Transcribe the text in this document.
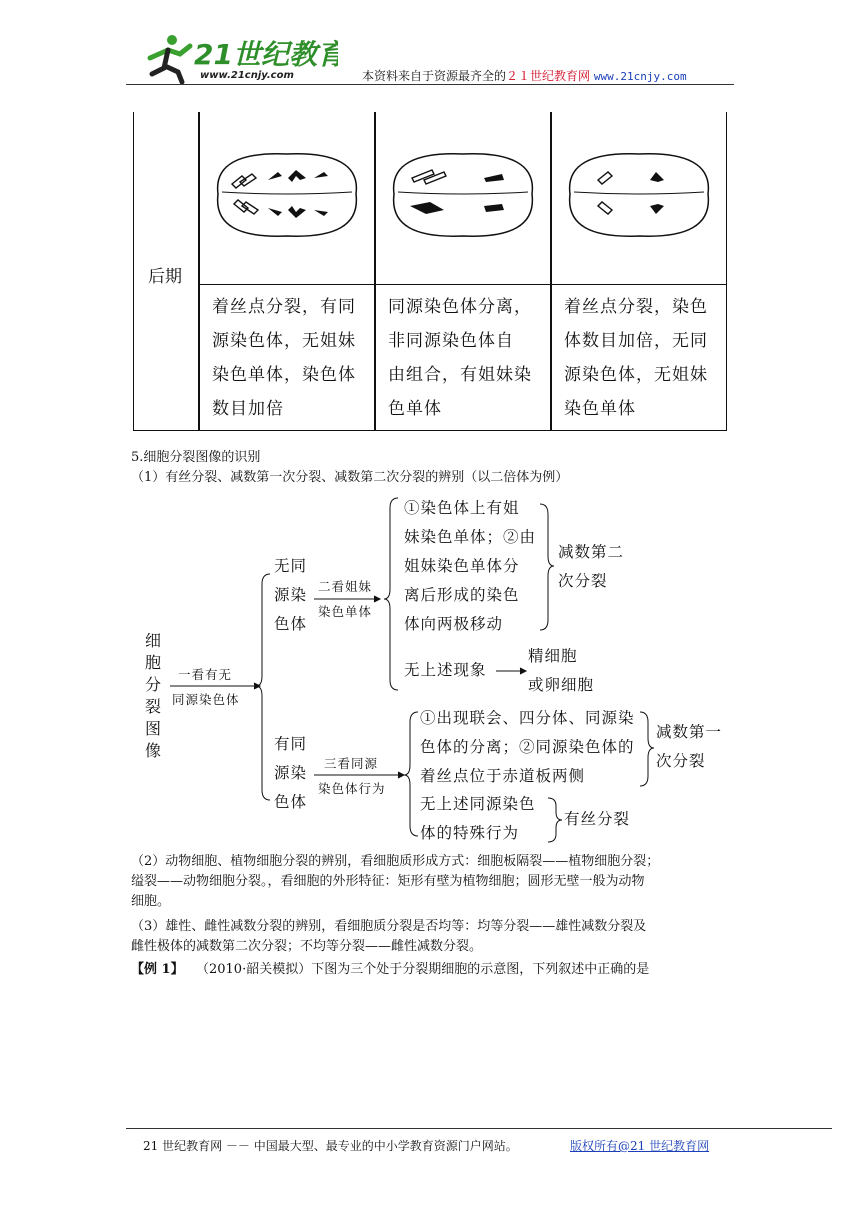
21世纪教育
www.21cnjy.com	本资料来自于资源最齐全的２１世纪教育网 www.21cnjy.com
后期
着丝点分裂，有同
源染色体，无姐妹
染色单体，染色体
数目加倍
同源染色体分离，
非同源染色体自
由组合，有姐妹染
色单体
着丝点分裂，染色
体数目加倍，无同
源染色体，无姐妹
染色单体
5.细胞分裂图像的识别
（1）有丝分裂、减数第一次分裂、减数第二次分裂的辨别（以二倍体为例）
细
胞
分
裂
图
像
一看有无
同源染色体
无同
源染
色体
二看姐妹
染色单体
①染色体上有姐
妹染色单体；②由
姐妹染色单体分
离后形成的染色
体向两极移动
减数第二
次分裂
无上述现象
精细胞
或卵细胞
有同
源染
色体
三看同源
染色体行为
①出现联会、四分体、同源染
色体的分离；②同源染色体的
着丝点位于赤道板两侧
减数第一
次分裂
无上述同源染色
体的特殊行为
有丝分裂
（2）动物细胞、植物细胞分裂的辨别，看细胞质形成方式：细胞板隔裂——植物细胞分裂；
缢裂——动物细胞分裂。，看细胞的外形特征：矩形有壁为植物细胞；圆形无壁一般为动物
细胞。
（3）雄性、雌性减数分裂的辨别，看细胞质分裂是否均等：均等分裂——雄性减数分裂及
雌性极体的减数第二次分裂；不均等分裂——雌性减数分裂。
【例 1】 （2010·韶关模拟）下图为三个处于分裂期细胞的示意图，下列叙述中正确的是
21 世纪教育网 －－ 中国最大型、最专业的中小学教育资源门户网站。	版权所有@21 世纪教育网
